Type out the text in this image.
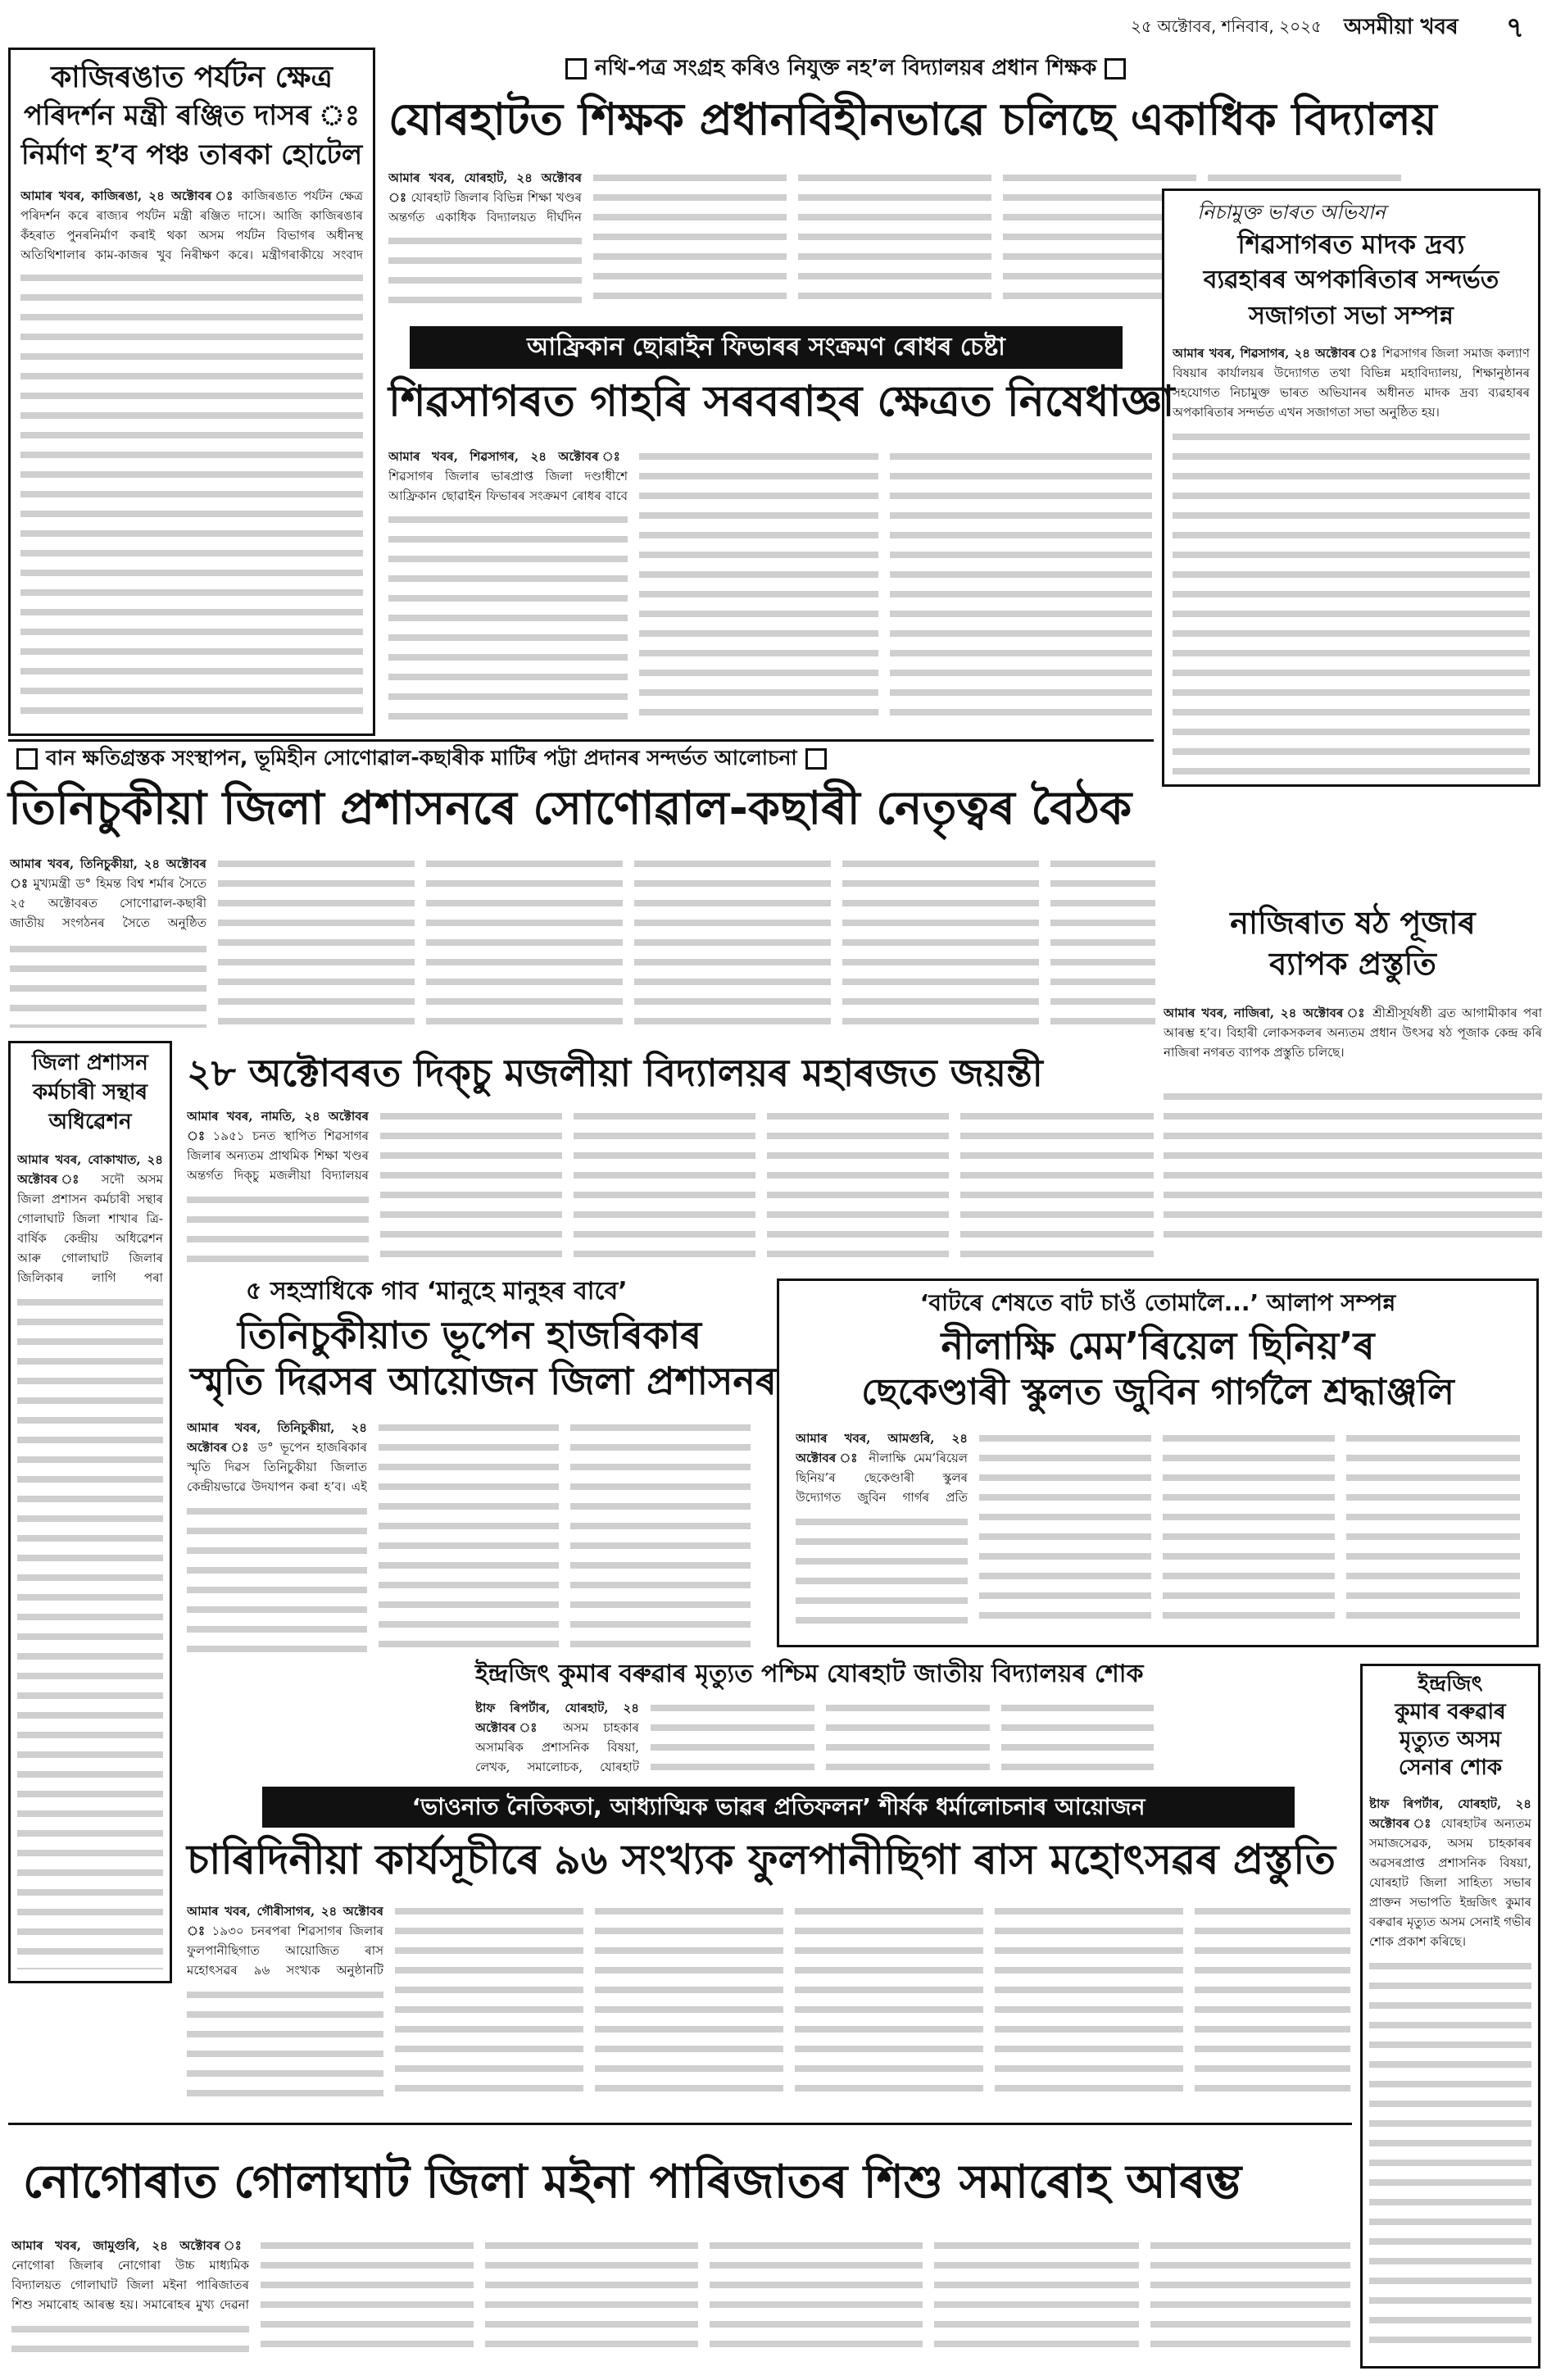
২৫ অক্টোবৰ, শনিবাৰ, ২০২৫ অসমীয়া খবৰ ৭
কাজিৰঙাত পৰ্যটন ক্ষেত্ৰ
পৰিদৰ্শন মন্ত্ৰী ৰঞ্জিত দাসৰ ঃ
নিৰ্মাণ হ’ব পঞ্চ তাৰকা হোটেল
আমাৰ খবৰ, কাজিৰঙা, ২৪ অক্টোবৰ ঃ কাজিৰঙাত পৰ্যটন ক্ষেত্ৰ পৰিদৰ্শন কৰে ৰাজ্যৰ পৰ্যটন মন্ত্ৰী ৰঞ্জিত দাসে। আজি কাজিৰঙাৰ কঁহৰাত পুনৰনিৰ্মাণ কৰাই থকা অসম পৰ্যটন বিভাগৰ অধীনস্থ অতিথিশালাৰ কাম-কাজৰ খুব নিৰীক্ষণ কৰে। মন্ত্ৰীগৰাকীয়ে সংবাদ
নথি-পত্ৰ সংগ্ৰহ কৰিও নিযুক্ত নহ’ল বিদ্যালয়ৰ প্ৰধান শিক্ষক
যোৰহাটত শিক্ষক প্ৰধানবিহীনভাৱে চলিছে একাধিক বিদ্যালয়
আমাৰ খবৰ, যোৰহাট, ২৪ অক্টোবৰ ঃ যোৰহাট জিলাৰ বিভিন্ন শিক্ষা খণ্ডৰ অন্তৰ্গত একাধিক বিদ্যালয়ত দীৰ্ঘদিন	নিচামুক্ত ভাৰত অভিযান
শিৱসাগৰত মাদক দ্ৰব্য
ব্যৱহাৰৰ অপকাৰিতাৰ সন্দৰ্ভত
সজাগতা সভা সম্পন্ন
আমাৰ খবৰ, শিৱসাগৰ, ২৪ অক্টোবৰ ঃ শিৱসাগৰ জিলা সমাজ কল্যাণ বিষয়াৰ কাৰ্যালয়ৰ উদ্যোগত তথা বিভিন্ন মহাবিদ্যালয়, শিক্ষানুষ্ঠানৰ সহযোগত নিচামুক্ত ভাৰত অভিযানৰ অধীনত মাদক দ্ৰব্য ব্যৱহাৰৰ অপকাৰিতাৰ সন্দৰ্ভত এখন সজাগতা সভা অনুষ্ঠিত হয়।
আফ্ৰিকান ছোৱাইন ফিভাৰৰ সংক্ৰমণ ৰোধৰ চেষ্টা
শিৱসাগৰত গাহৰি সৰবৰাহৰ ক্ষেত্ৰত নিষেধাজ্ঞা
আমাৰ খবৰ, শিৱসাগৰ, ২৪ অক্টোবৰ ঃ শিৱসাগৰ জিলাৰ ভাৰপ্ৰাপ্ত জিলা দণ্ডাধীশে আফ্ৰিকান ছোৱাইন ফিভাৰৰ সংক্ৰমণ ৰোধৰ বাবে
বান ক্ষতিগ্ৰস্তক সংস্থাপন, ভূমিহীন সোণোৱাল-কছাৰীক মাটিৰ পট্টা প্ৰদানৰ সন্দৰ্ভত আলোচনা
তিনিচুকীয়া জিলা প্ৰশাসনৰে সোণোৱাল-কছাৰী নেতৃত্বৰ বৈঠক
আমাৰ খবৰ, তিনিচুকীয়া, ২৪ অক্টোবৰ ঃ মুখ্যমন্ত্ৰী ড° হিমন্ত বিশ্ব শৰ্মাৰ সৈতে ২৫ অক্টোবৰত সোণোৱাল-কছাৰী জাতীয় সংগঠনৰ সৈতে অনুষ্ঠিত	নাজিৰাত ষঠ পূজাৰ
ব্যাপক প্ৰস্তুতি
আমাৰ খবৰ, নাজিৰা, ২৪ অক্টোবৰ ঃ শ্ৰীশ্ৰীসূৰ্যষষ্ঠী ব্ৰত আগামীকাৰ পৰা আৰম্ভ হ’ব। বিহাৰী লোকসকলৰ অন্যতম প্ৰধান উৎসৱ ষঠ পূজাক কেন্দ্ৰ কৰি নাজিৰা নগৰত ব্যাপক প্ৰস্তুতি চলিছে।
জিলা প্ৰশাসন
কৰ্মচাৰী সন্থাৰ
অধিৱেশন
আমাৰ খবৰ, বোকাখাত, ২৪ অক্টোবৰ ঃ সদৌ অসম জিলা প্ৰশাসন কৰ্মচাৰী সন্থাৰ গোলাঘাট জিলা শাখাৰ ত্ৰি-বাৰ্ষিক কেন্দ্ৰীয় অধিৱেশন আৰু গোলাঘাট জিলাৰ জিলিকাৰ লাগি পৰা
২৮ অক্টোবৰত দিক্‌চু মজলীয়া বিদ্যালয়ৰ মহাৰজত জয়ন্তী
আমাৰ খবৰ, নামতি, ২৪ অক্টোবৰ ঃ ১৯৫১ চনত স্থাপিত শিৱসাগৰ জিলাৰ অন্যতম প্ৰাথমিক শিক্ষা খণ্ডৰ অন্তৰ্গত দিক্‌চু মজলীয়া বিদ্যালয়ৰ
৫ সহস্ৰাধিকে গাব ‘মানুহে মানুহৰ বাবে’
তিনিচুকীয়াত ভূপেন হাজৰিকাৰ
স্মৃতি দিৱসৰ আয়োজন জিলা প্ৰশাসনৰ
আমাৰ খবৰ, তিনিচুকীয়া, ২৪ অক্টোবৰ ঃ ড° ভূপেন হাজৰিকাৰ স্মৃতি দিৱস তিনিচুকীয়া জিলাত কেন্দ্ৰীয়ভাৱে উদযাপন কৰা হ’ব। এই
‘বাটৰে শেষতে বাট চাওঁ তোমালৈ...’ আলাপ সম্পন্ন
নীলাক্ষি মেম’ৰিয়েল ছিনিয়’ৰ
ছেকেণ্ডাৰী স্কুলত জুবিন গাৰ্গলৈ শ্ৰদ্ধাঞ্জলি
আমাৰ খবৰ, আমগুৰি, ২৪ অক্টোবৰ ঃ নীলাক্ষি মেম’ৰিয়েল ছিনিয়’ৰ ছেকেণ্ডাৰী স্কুলৰ উদ্যোগত জুবিন গাৰ্গৰ প্ৰতি
ইন্দ্ৰজিৎ কুমাৰ বৰুৱাৰ মৃত্যুত পশ্চিম যোৰহাট জাতীয় বিদ্যালয়ৰ শোক
ষ্টাফ ৰিপৰ্টাৰ, যোৰহাট, ২৪ অক্টোবৰ ঃ অসম চাহকাৰ অসামৰিক প্ৰশাসনিক বিষয়া, লেখক, সমালোচক, যোৰহাট
ইন্দ্ৰজিৎ
কুমাৰ বৰুৱাৰ
মৃত্যুত অসম
সেনাৰ শোক
ষ্টাফ ৰিপৰ্টাৰ, যোৰহাট, ২৪ অক্টোবৰ ঃ যোৰহাটৰ অন্যতম সমাজসেৱক, অসম চাহকাৰৰ অৱসৰপ্ৰাপ্ত প্ৰশাসনিক বিষয়া, যোৰহাট জিলা সাহিত্য সভাৰ প্ৰাক্তন সভাপতি ইন্দ্ৰজিৎ কুমাৰ বৰুৱাৰ মৃত্যুত অসম সেনাই গভীৰ শোক প্ৰকাশ কৰিছে।
‘ভাওনাত নৈতিকতা, আধ্যাত্মিক ভাৱৰ প্ৰতিফলন’ শীৰ্ষক ধৰ্মালোচনাৰ আয়োজন
চাৰিদিনীয়া কাৰ্যসূচীৰে ৯৬ সংখ্যক ফুলপানীছিগা ৰাস মহোৎসৱৰ প্ৰস্তুতি
আমাৰ খবৰ, গৌৰীসাগৰ, ২৪ অক্টোবৰ ঃ ১৯৩০ চনৰপৰা শিৱসাগৰ জিলাৰ ফুলপানীছিগাত আয়োজিত ৰাস মহোৎসৱৰ ৯৬ সংখ্যক অনুষ্ঠানটি
নোগোৰাত গোলাঘাট জিলা মইনা পাৰিজাতৰ শিশু সমাৰোহ আৰম্ভ
আমাৰ খবৰ, জামুগুৰি, ২৪ অক্টোবৰ ঃ নোগোৰা জিলাৰ নোগোৰা উচ্চ মাধ্যমিক বিদ্যালয়ত গোলাঘাট জিলা মইনা পাৰিজাতৰ শিশু সমাৰোহ আৰম্ভ হয়। সমাৰোহৰ মুখ্য দেৱনা
